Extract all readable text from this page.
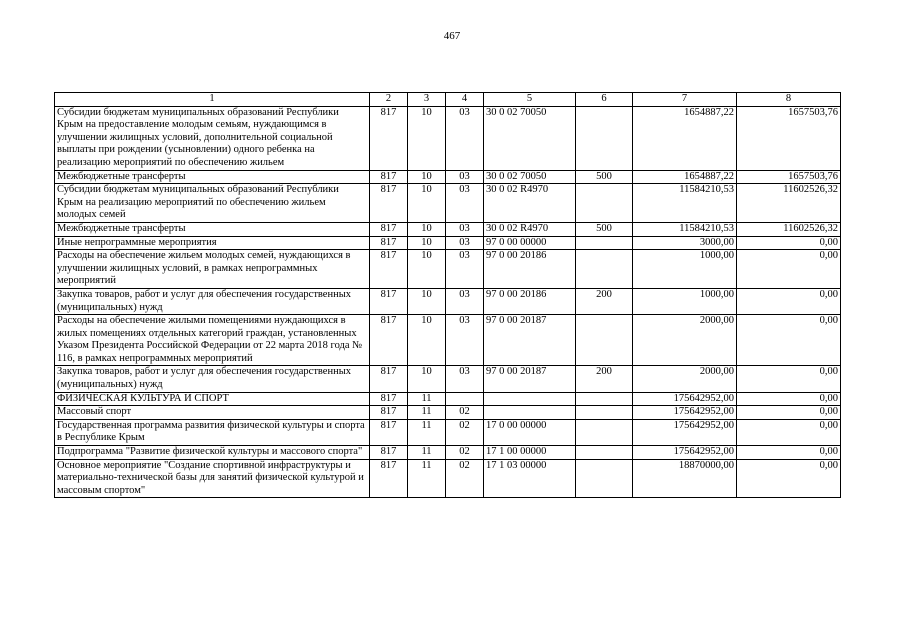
467
1	2	3	4	5	6	7	8
Субсидии бюджетам муниципальных образований Республики Крым на предоставление молодым семьям, нуждающимся в улучшении жилищных условий, дополнительной социальной выплаты при рождении (усыновлении) одного ребенка на реализацию мероприятий по обеспечению жильем	817	10	03	30 0 02 70050		1654887,22	1657503,76
Межбюджетные трансферты	817	10	03	30 0 02 70050	500	1654887,22	1657503,76
Субсидии бюджетам муниципальных образований Республики Крым на реализацию мероприятий по обеспечению жильем молодых семей	817	10	03	30 0 02 R4970		11584210,53	11602526,32
Межбюджетные трансферты	817	10	03	30 0 02 R4970	500	11584210,53	11602526,32
Иные непрограммные мероприятия	817	10	03	97 0 00 00000		3000,00	0,00
Расходы на обеспечение жильем молодых семей, нуждающихся в улучшении жилищных условий, в рамках непрограммных мероприятий	817	10	03	97 0 00 20186		1000,00	0,00
Закупка товаров, работ и услуг для обеспечения государственных (муниципальных) нужд	817	10	03	97 0 00 20186	200	1000,00	0,00
Расходы на обеспечение жилыми помещениями нуждающихся в жилых помещениях отдельных категорий граждан, установленных Указом Президента Российской Федерации от 22 марта 2018 года № 116, в рамках непрограммных мероприятий	817	10	03	97 0 00 20187		2000,00	0,00
Закупка товаров, работ и услуг для обеспечения государственных (муниципальных) нужд	817	10	03	97 0 00 20187	200	2000,00	0,00
ФИЗИЧЕСКАЯ КУЛЬТУРА И СПОРТ	817	11				175642952,00	0,00
Массовый спорт	817	11	02			175642952,00	0,00
Государственная программа развития физической культуры и спорта в Республике Крым	817	11	02	17 0 00 00000		175642952,00	0,00
Подпрограмма "Развитие физической культуры и массового спорта"	817	11	02	17 1 00 00000		175642952,00	0,00
Основное мероприятие "Создание спортивной инфраструктуры и материально-технической базы для занятий физической культурой и массовым спортом"	817	11	02	17 1 03 00000		18870000,00	0,00
